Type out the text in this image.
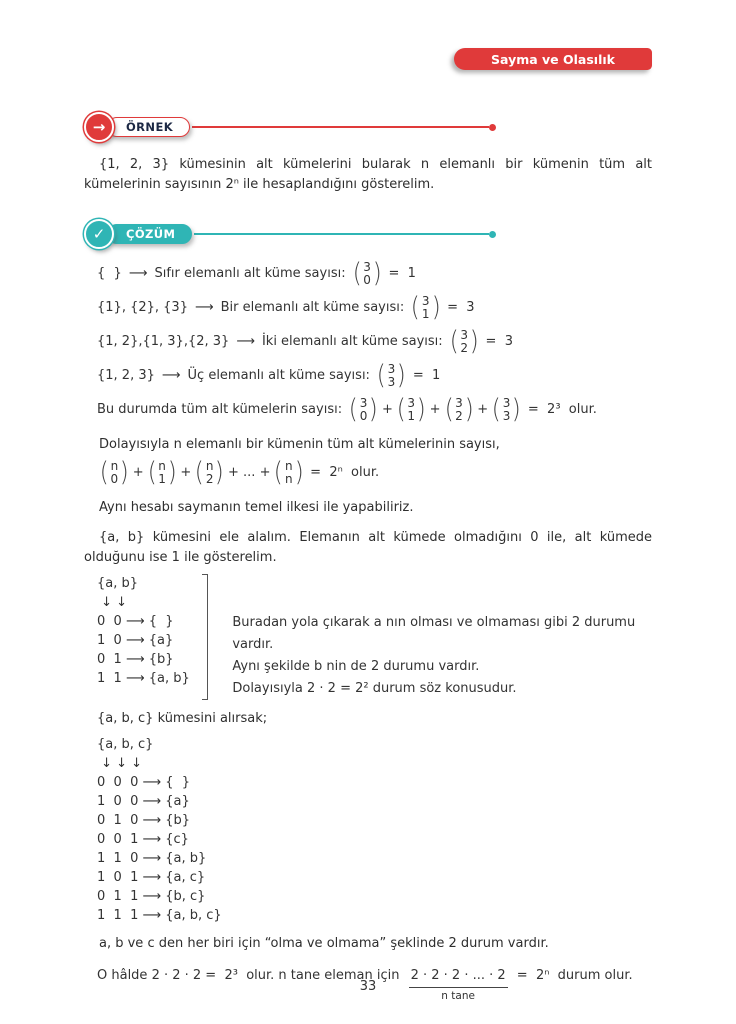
Sayma ve Olasılık
→	ÖRNEK

{1, 2, 3} kümesinin alt kümelerini bularak n elemanlı bir kümenin tüm alt kümelerinin sayısının 2ⁿ ile hesaplandığını gösterelim.

✓	ÇÖZÜM
{  } ⟶ Sıfır elemanlı alt küme sayısı: ( 3
0 ) =  1
{1}, {2}, {3} ⟶ Bir elemanlı alt küme sayısı: ( 3
1 ) =  3
{1, 2},{1, 3},{2, 3} ⟶ İki elemanlı alt küme sayısı: ( 3
2 ) =  3
{1, 2, 3} ⟶ Üç elemanlı alt küme sayısı: ( 3
3 ) =  1
Bu durumda tüm alt kümelerin sayısı: ( 3
0 ) + ( 3
1 ) + ( 3
2 ) + ( 3
3 ) =  2³  olur.

Dolayısıyla n elemanlı bir kümenin tüm alt kümelerinin sayısı,

( n
0 ) + ( n
1 ) + ( n
2 ) + ... + ( n
n ) =  2ⁿ  olur.

Aynı hesabı saymanın temel ilkesi ile yapabiliriz.

{a, b} kümesini ele alalım. Elemanın alt kümede olmadığını 0 ile, alt kümede olduğunu ise 1 ile gösterelim.

{a, b}
↓ ↓
0  0 ⟶ {  }
1  0 ⟶ {a}
0  1 ⟶ {b}
1  1 ⟶ {a, b}

Buradan yola çıkarak a nın olması ve olmaması gibi 2 durumu vardır.

Aynı şekilde b nin de 2 durumu vardır.

Dolayısıyla 2 · 2 = 2² durum söz konusudur.

{a, b, c} kümesini alırsak;

{a, b, c}
↓ ↓ ↓
0  0  0 ⟶ {  }
1  0  0 ⟶ {a}
0  1  0 ⟶ {b}
0  0  1 ⟶ {c}
1  1  0 ⟶ {a, b}
1  0  1 ⟶ {a, c}
0  1  1 ⟶ {b, c}
1  1  1 ⟶ {a, b, c}

a, b ve c den her biri için “olma ve olmama” şeklinde 2 durum vardır.

O hâlde 2 · 2 · 2 =  2³  olur. n tane eleman için 2 · 2 · 2 · ... · 2
n tane
=  2ⁿ  durum olur.

33
